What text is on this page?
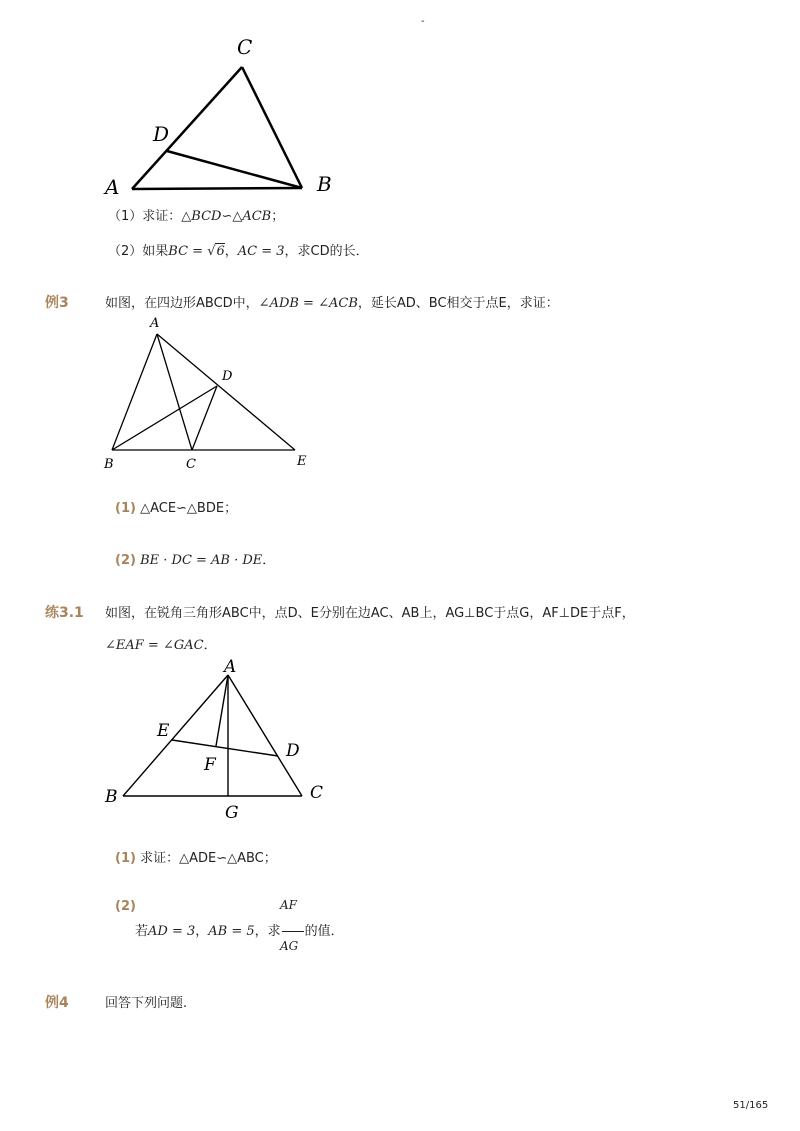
-
C
D
A	B
（1）求证：△BCD∽△ACB；
（2）如果BC = √6，AC = 3，求CD的长．
例3	如图，在四边形ABCD中，∠ADB = ∠ACB，延长AD、BC相交于点E，求证：
A
D
B	C	E
(1) △ACE∽△BDE；
(2) BE · DC = AB · DE．
练3.1 如图，在锐角三角形ABC中，点D、E分别在边AC、AB上，AG⊥BC于点G，AF⊥DE于点F，
∠EAF = ∠GAC．
A
E
D
F
B
G
C
(1) 求证：△ADE∽△ABC；
(2)
若AD = 3，AB = 5，求 的值．
AF
AG
例4	回答下列问题.
51/165
